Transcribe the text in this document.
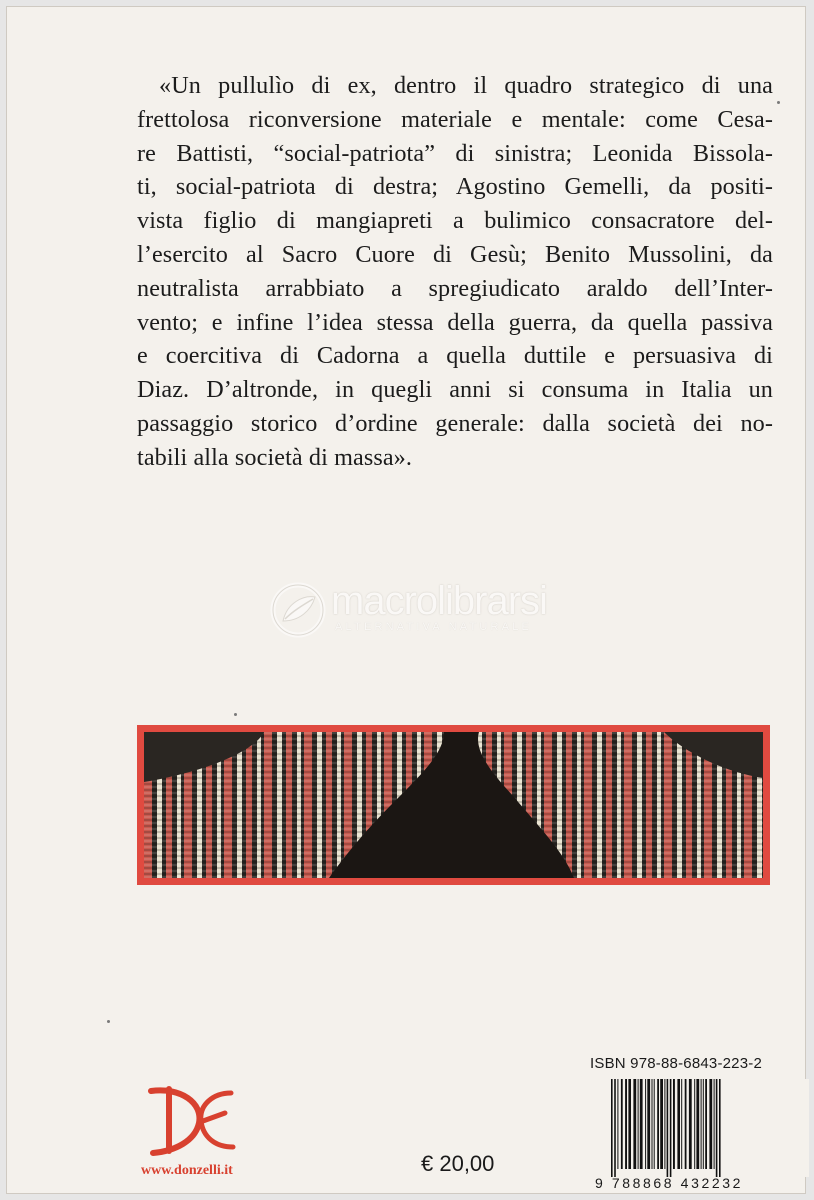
«Un pullulìo di ex, dentro il quadro strategico di una
frettolosa riconversione materiale e mentale: come Cesa-
re Battisti, “social-patriota” di sinistra; Leonida Bissola-
ti, social-patriota di destra; Agostino Gemelli, da positi-
vista figlio di mangiapreti a bulimico consacratore del-
l’esercito al Sacro Cuore di Gesù; Benito Mussolini, da
neutralista arrabbiato a spregiudicato araldo dell’Inter-
vento; e infine l’idea stessa della guerra, da quella passiva
e coercitiva di Cadorna a quella duttile e persuasiva di
Diaz. D’altronde, in quegli anni si consuma in Italia un
passaggio storico d’ordine generale: dalla società dei no-
tabili alla società di massa».

macrolibrarsi
ALTERNATIVA NATURALE
www.donzelli.it	€ 20,00
ISBN 978-88-6843-223-2
9 788868 432232
